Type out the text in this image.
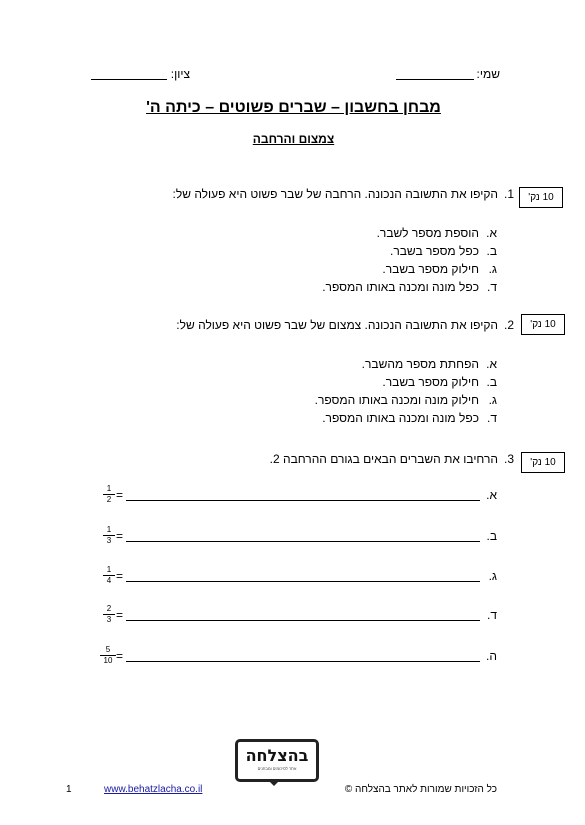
שמי:
ציון:
מבחן בחשבון – שברים פשוטים – כיתה ה'
צמצום והרחבה
10 נק'
1.
הקיפו את התשובה הנכונה. הרחבה של שבר פשוט היא פעולה של:
א.
הוספת מספר לשבר.
ב.
כפל מספר בשבר.
ג.
חילוק מספר בשבר.
ד.
כפל מונה ומכנה באותו המספר.
10 נק'
2.
הקיפו את התשובה הנכונה. צמצום של שבר פשוט היא פעולה של:
א.
הפחתת מספר מהשבר.
ב.
חילוק מספר בשבר.
ג.
חילוק מונה ומכנה באותו המספר.
ד.
כפל מונה ומכנה באותו המספר.
10 נק'
3.
הרחיבו את השברים הבאים בגורם ההרחבה 2.
א.
=
$\frac{1}{2}$
ב.
=
$\frac{1}{3}$
ג.
=
$\frac{1}{4}$
ד.
=
$\frac{2}{3}$
ה.
=
$\frac{5}{10}$
בהצלחה
אתר לסיכומים ומבחנים
1	www.behatzlacha.co.il	כל הזכויות שמורות לאתר בהצלחה ©
